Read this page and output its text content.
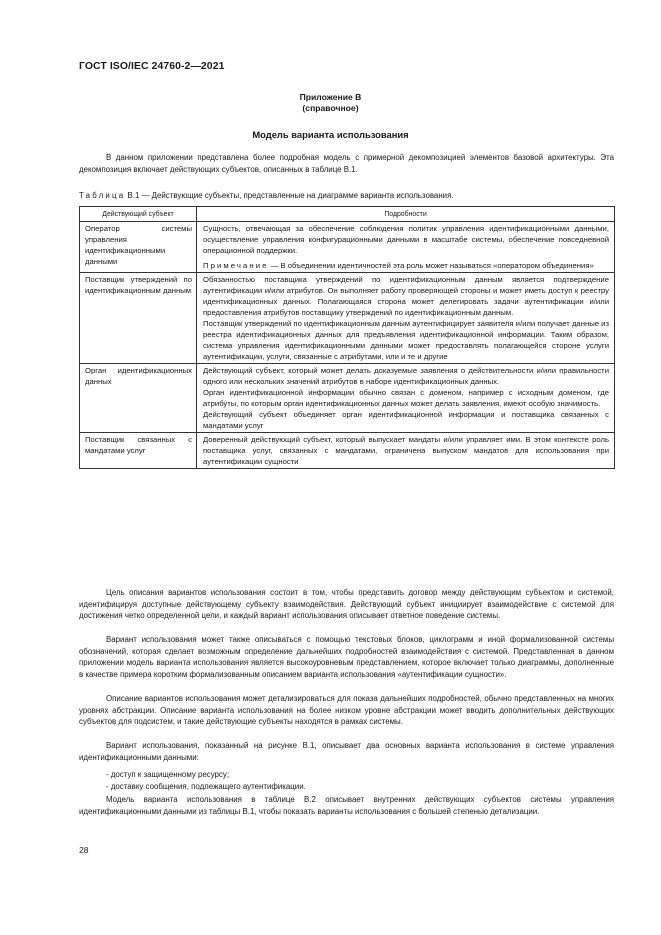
ГОСТ ISO/IEC 24760-2—2021
Приложение В
(справочное)
Модель варианта использования

В данном приложении представлена более подробная модель с примерной декомпозицией элементов базовой архитектуры. Эта декомпозиция включает действующих субъектов, описанных в таблице В.1.

Таблица В.1 — Действующие субъекты, представленные на диаграмме варианта использования.
Действующий субъект	Подробности
Оператор системы управления идентификационными данными	Сущность, отвечающая за обеспечение соблюдения политик управления идентификационными данными, осуществление управления конфигурационными данными в масштабе системы, обеспечение повседневной операционной поддержки.

Примечание — В объединении идентичностей эта роль может называться «оператором объединения»

Поставщик утверждений по идентификационным данным	Обязанностью поставщика утверждений по идентификационным данным является подтверждение аутентификации и/или атрибутов. Он выполняет работу проверяющей стороны и может иметь доступ к реестру идентификационных данных. Полагающаяся сторона может делегировать задачи аутентификации и/или предоставления атрибутов поставщику утверждений по идентификационным данным.

Поставщик утверждений по идентификационным данным аутентифицирует заявителя и/или получает данные из реестра идентификационных данных для предъявления идентификационной информации. Таким образом, система управления идентификационными данными может предоставлять полагающейся стороне услуги аутентификации, услуги, связанные с атрибутами, или и те и другие

Орган идентификационных данных	Действующий субъект, который может делать доказуемые заявления о действительности и/или правильности одного или нескольких значений атрибутов в наборе идентификационных данных.

Орган идентификационной информации обычно связан с доменом, например с исходным доменом, где атрибуты, по которым орган идентификационных данных может делать заявления, имеют особую значимость.

Действующий субъект объединяет орган идентификационной информации и поставщика связанных с мандатами услуг

Поставщик связанных с мандатами услуг	Доверенный действующий субъект, который выпускает мандаты и/или управляет ими. В этом контексте роль поставщика услуг, связанных с мандатами, ограничена выпуском мандатов для использования при аутентификации сущности

Цель описания вариантов использования состоит в том, чтобы представить договор между действующим субъектом и системой, идентифицируя доступные действующему субъекту взаимодействия. Действующий субъект инициирует взаимодействие с системой для достижения четко определенной цели, и каждый вариант использования описывает ответное поведение системы.

Вариант использования может также описываться с помощью текстовых блоков, циклограмм и иной формализованной системы обозначений, которая сделает возможным определение дальнейших подробностей взаимодействия с системой. Представленная в данном приложении модель варианта использования является высокоуровневым представлением, которое включает только диаграммы, дополненные в качестве примера коротким формализованным описанием варианта использования «аутентификации сущности».

Описание вариантов использования может детализироваться для показа дальнейших подробностей, обычно представленных на многих уровнях абстракции. Описание варианта использования на более низком уровне абстракции может вводить дополнительных действующих субъектов для подсистем, и такие действующие субъекты находятся в рамках системы.

Вариант использования, показанный на рисунке В.1, описывает два основных варианта использования в системе управления идентификационными данными:

- доступ к защищенному ресурсу;

- доставку сообщения, подлежащего аутентификации.

Модель варианта использования в таблице В.2 описывает внутренних действующих субъектов системы управления идентификационными данными из таблицы В.1, чтобы показать варианты использования с большей степенью детализации.

28
